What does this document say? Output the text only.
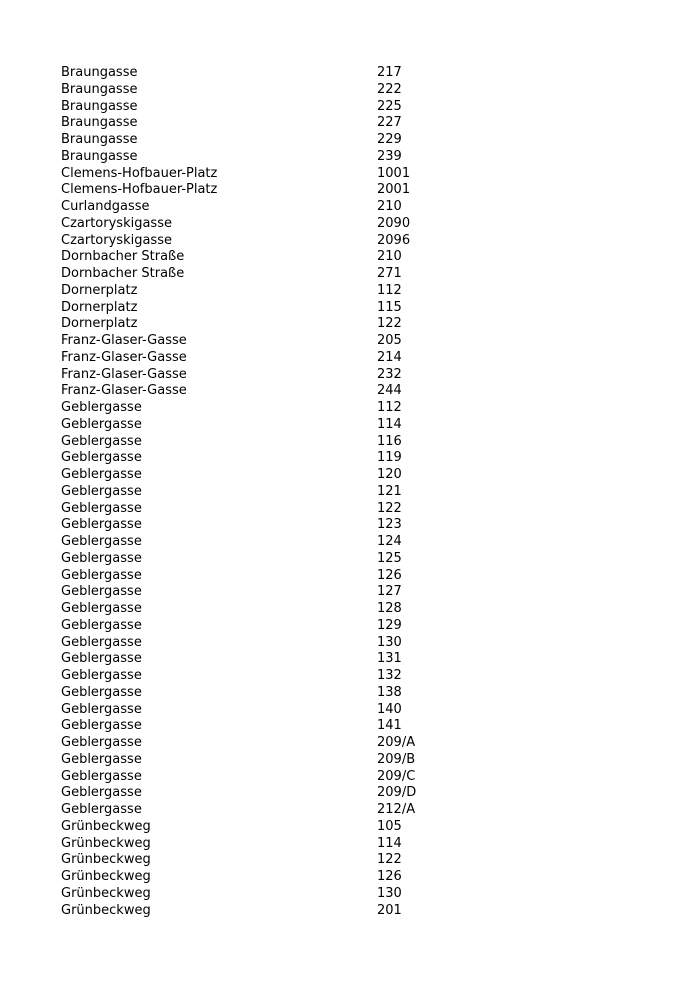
Braungasse	217
Braungasse	222
Braungasse	225
Braungasse	227
Braungasse	229
Braungasse	239
Clemens-Hofbauer-Platz	1001
Clemens-Hofbauer-Platz	2001
Curlandgasse	210
Czartoryskigasse	2090
Czartoryskigasse	2096
Dornbacher Straße	210
Dornbacher Straße	271
Dornerplatz	112
Dornerplatz	115
Dornerplatz	122
Franz-Glaser-Gasse	205
Franz-Glaser-Gasse	214
Franz-Glaser-Gasse	232
Franz-Glaser-Gasse	244
Geblergasse	112
Geblergasse	114
Geblergasse	116
Geblergasse	119
Geblergasse	120
Geblergasse	121
Geblergasse	122
Geblergasse	123
Geblergasse	124
Geblergasse	125
Geblergasse	126
Geblergasse	127
Geblergasse	128
Geblergasse	129
Geblergasse	130
Geblergasse	131
Geblergasse	132
Geblergasse	138
Geblergasse	140
Geblergasse	141
Geblergasse	209/A
Geblergasse	209/B
Geblergasse	209/C
Geblergasse	209/D
Geblergasse	212/A
Grünbeckweg	105
Grünbeckweg	114
Grünbeckweg	122
Grünbeckweg	126
Grünbeckweg	130
Grünbeckweg	201
